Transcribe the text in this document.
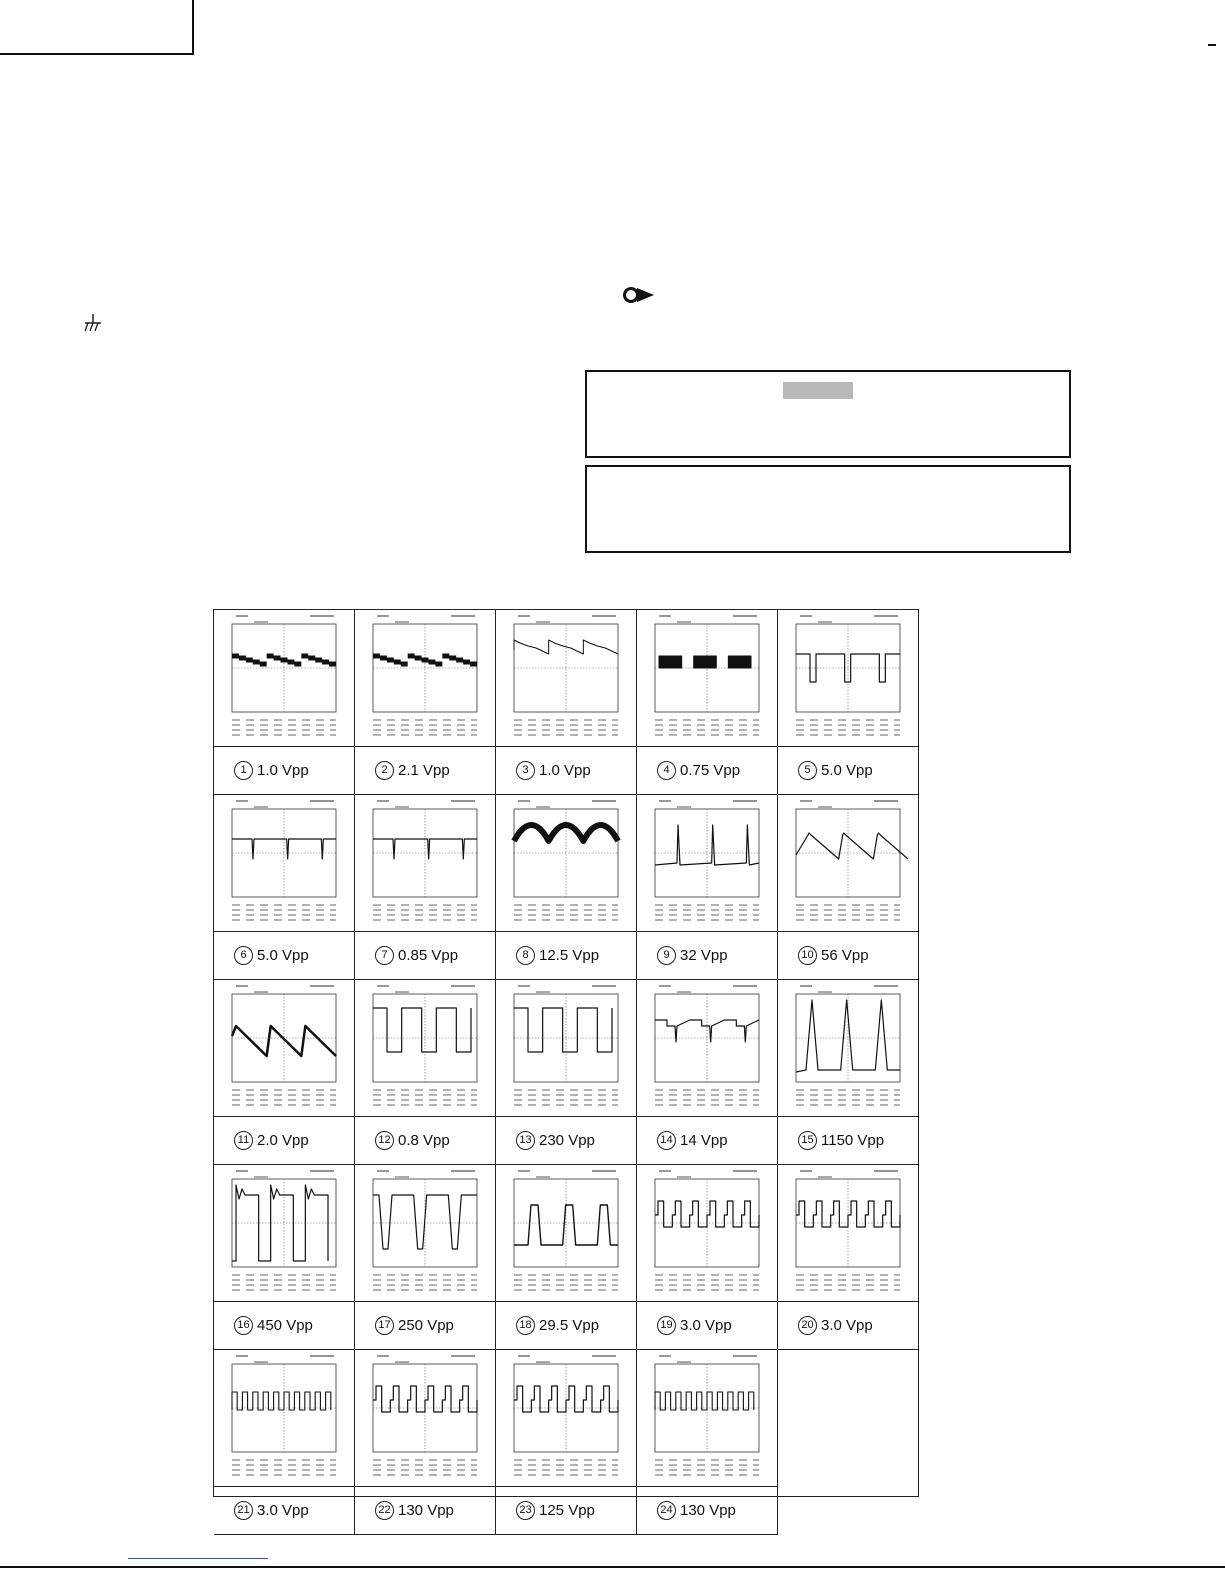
1 1.0 Vpp	2 2.1 Vpp	3 1.0 Vpp	4 0.75 Vpp	5 5.0 Vpp
6 5.0 Vpp	7 0.85 Vpp	8 12.5 Vpp	9 32 Vpp	10 56 Vpp
11 2.0 Vpp	12 0.8 Vpp	13 230 Vpp	14 14 Vpp	15 1150 Vpp
16 450 Vpp	17 250 Vpp	18 29.5 Vpp	19 3.0 Vpp	20 3.0 Vpp
21 3.0 Vpp	22 130 Vpp	23 125 Vpp	24 130 Vpp
